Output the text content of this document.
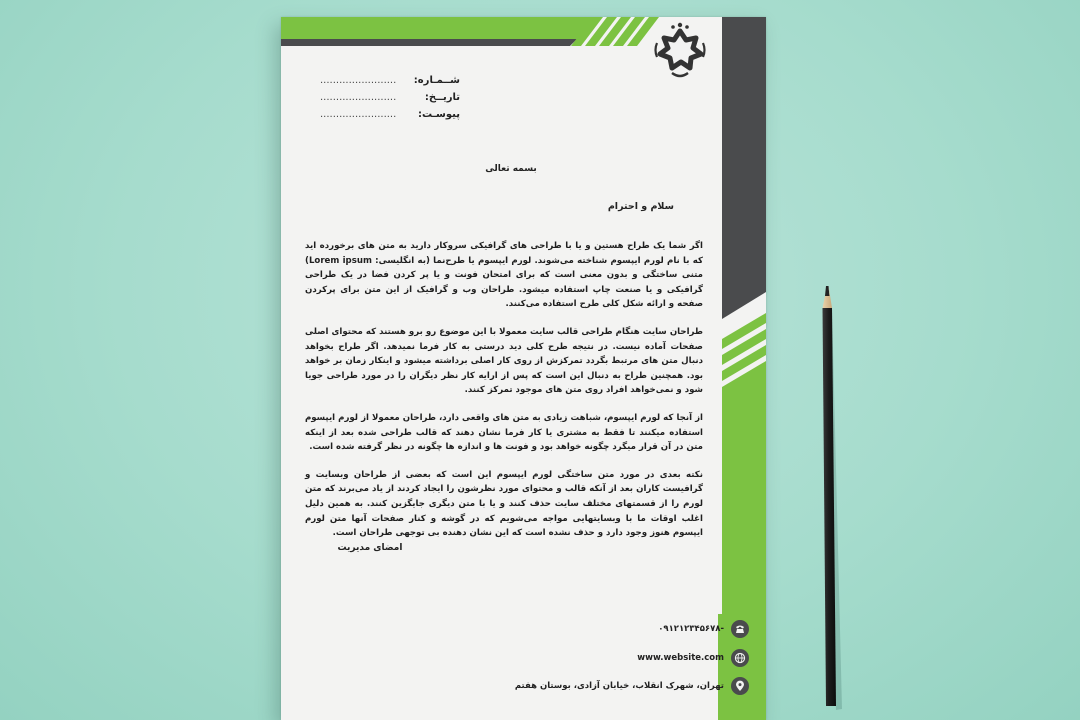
شــمـاره:
........................
تاریــخ:
........................
پیوسـت:
........................
بسمه تعالی
سلام و احترام

اگر شما یک طراح هستین و یا با طراحی های گرافیکی سروکار دارید به متن های برخورده اید که با نام لورم ایپسوم شناخته می‌شوند. لورم ایپسوم یا طرح‌نما (به انگلیسی: Lorem ipsum) متنی ساختگی و بدون معنی است که برای امتحان فونت و یا پر کردن فضا در یک طراحی گرافیکی و یا صنعت چاپ استفاده میشود. طراحان وب و گرافیک از این متن برای پرکردن صفحه و ارائه شکل کلی طرح استفاده می‌کنند.

طراحان سایت هنگام طراحی قالب سایت معمولا با این موضوع رو برو هستند که محتوای اصلی صفحات آماده نیست. در نتیجه طرح کلی دید درستی به کار فرما نمیدهد. اگر طراح بخواهد دنبال متن های مرتبط بگردد تمرکزش از روی کار اصلی برداشته میشود و اینکار زمان بر خواهد بود. همچنین طراح به دنبال این است که پس از ارایه کار نظر دیگران را در مورد طراحی جویا شود و نمی‌خواهد افراد روی متن های موجود تمرکز کنند.

از آنجا که لورم ایپسوم، شباهت زیادی به متن های واقعی دارد، طراحان معمولا از لورم ایپسوم استفاده میکنند تا فقط به مشتری یا کار فرما نشان دهند که قالب طراحی شده بعد از اینکه متن در آن قرار میگرد چگونه خواهد بود و فونت ها و اندازه ها چگونه در نظر گرفته شده است.

نکته بعدی در مورد متن ساختگی لورم ایپسوم این است که بعضی از طراحان وبسایت و گرافیست کاران بعد از آنکه قالب و محتوای مورد نظرشون را ایجاد کردند از یاد می‌برند که متن لورم را از قسمتهای مختلف سایت حذف کنند و یا با متن دیگری جایگزین کنند. به همین دلیل اغلب اوقات ما با وبسایتهایی مواجه می‌شویم که در گوشه و کنار صفحات آنها متن لورم ایپسوم هنوز وجود دارد و حذف نشده است که این نشان دهنده بی توجهی طراحان است.

امضای مدیریت
۰۹۱۲۱۲۳۴۵۶۷۸-
www.website.com
تهران، شهرک انقلاب، خیابان آزادی، بوستان هفتم
